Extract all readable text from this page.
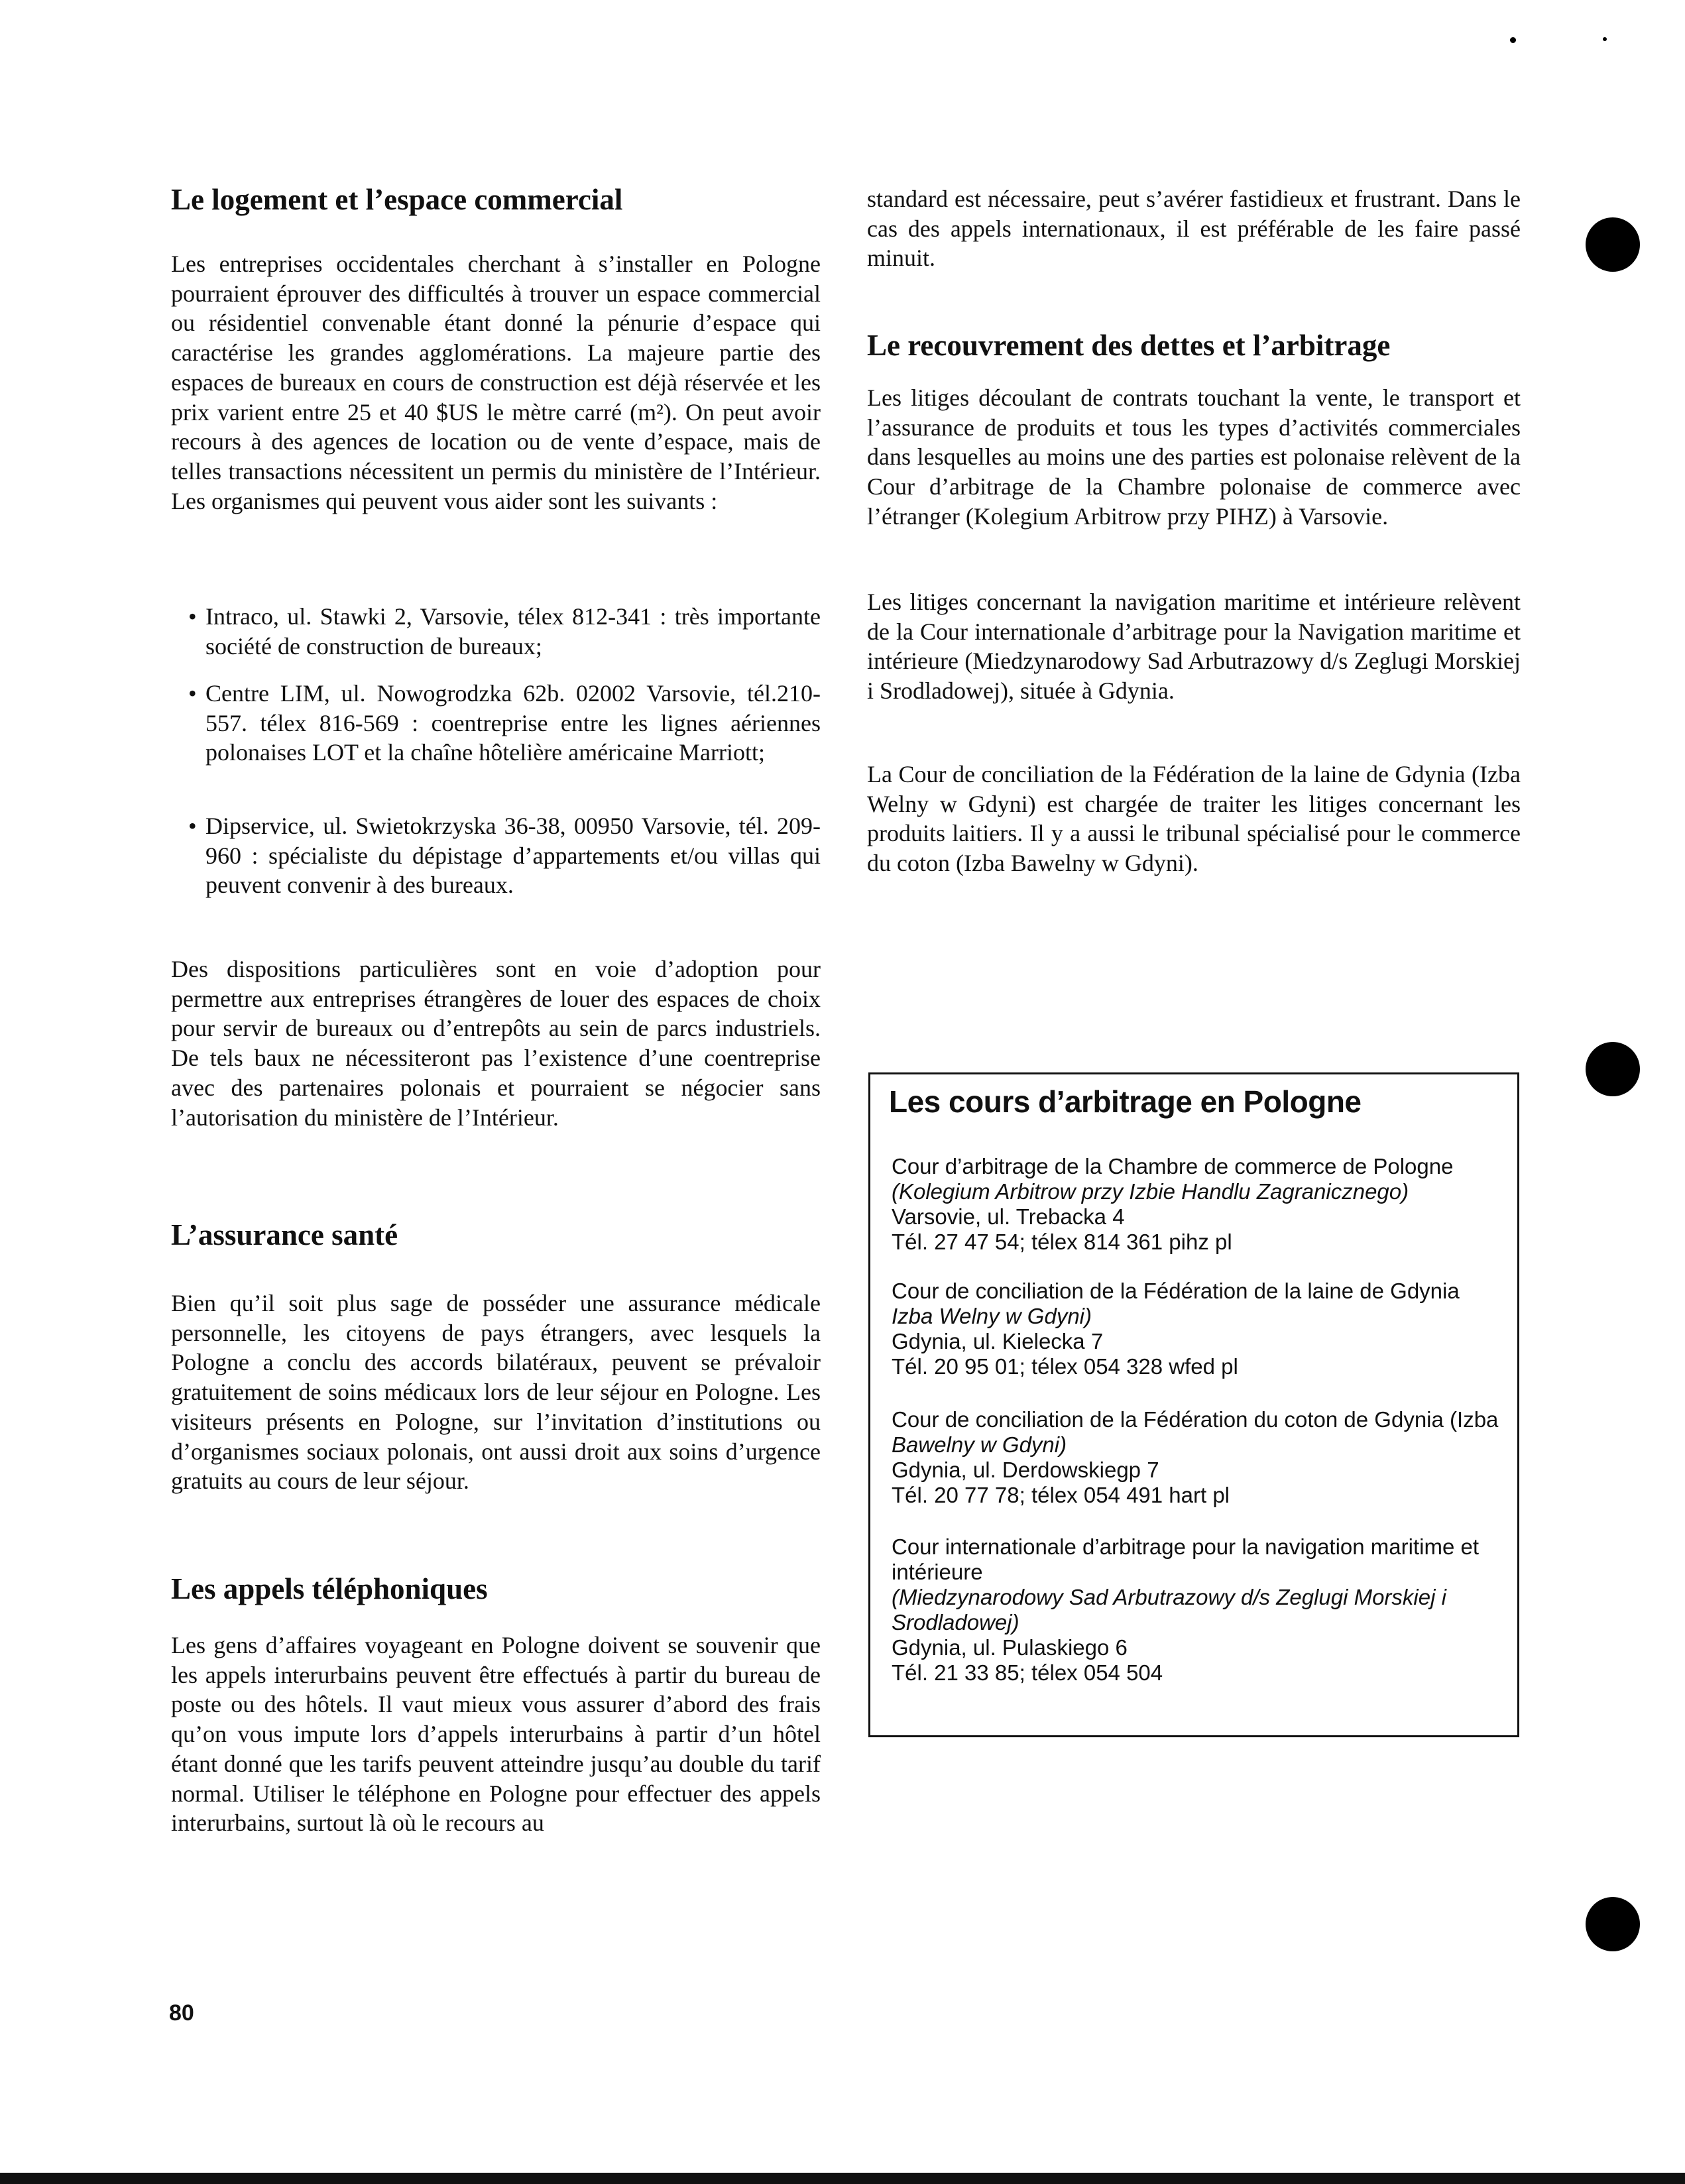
Le logement et l’espace commercial

Les entreprises occidentales cherchant à s’installer en Pologne pourraient éprouver des difficultés à trouver un espace commercial ou résidentiel convenable étant donné la pénurie d’espace qui caractérise les grandes agglomérations. La majeure partie des espaces de bureaux en cours de construction est déjà réservée et les prix varient entre 25 et 40 $US le mètre carré (m²). On peut avoir recours à des agences de location ou de vente d’espace, mais de telles transactions nécessitent un permis du ministère de l’Intérieur. Les organismes qui peuvent vous aider sont les suivants :

• Intraco, ul. Stawki 2, Varsovie, télex 812-341 : très importante société de construction de bureaux;
• Centre LIM, ul. Nowogrodzka 62b. 02002 Varsovie, tél.210-557. télex 816-569 : coentreprise entre les lignes aériennes polonaises LOT et la chaîne hôtelière américaine Marriott;
• Dipservice, ul. Swietokrzyska 36-38, 00950 Varsovie, tél. 209-960 : spécialiste du dépistage d’appartements et/ou villas qui peuvent convenir à des bureaux.

Des dispositions particulières sont en voie d’adoption pour permettre aux entreprises étrangères de louer des espaces de choix pour servir de bureaux ou d’entrepôts au sein de parcs industriels. De tels baux ne nécessiteront pas l’existence d’une coentreprise avec des partenaires polonais et pourraient se négocier sans l’autorisation du ministère de l’Intérieur.

L’assurance santé

Bien qu’il soit plus sage de posséder une assurance médicale personnelle, les citoyens de pays étrangers, avec lesquels la Pologne a conclu des accords bilatéraux, peuvent se prévaloir gratuitement de soins médicaux lors de leur séjour en Pologne. Les visiteurs présents en Pologne, sur l’invitation d’institutions ou d’organismes sociaux polonais, ont aussi droit aux soins d’urgence gratuits au cours de leur séjour.

Les appels téléphoniques

Les gens d’affaires voyageant en Pologne doivent se souvenir que les appels interurbains peuvent être effectués à partir du bureau de poste ou des hôtels. Il vaut mieux vous assurer d’abord des frais qu’on vous impute lors d’appels interurbains à partir d’un hôtel étant donné que les tarifs peuvent atteindre jusqu’au double du tarif normal. Utiliser le téléphone en Pologne pour effectuer des appels interurbains, surtout là où le recours au

standard est nécessaire, peut s’avérer fastidieux et frustrant. Dans le cas des appels internationaux, il est préférable de les faire passé minuit.

Le recouvrement des dettes et l’arbitrage

Les litiges découlant de contrats touchant la vente, le transport et l’assurance de produits et tous les types d’activités commerciales dans lesquelles au moins une des parties est polonaise relèvent de la Cour d’arbitrage de la Chambre polonaise de commerce avec l’étranger (Kolegium Arbitrow przy PIHZ) à Varsovie.

Les litiges concernant la navigation maritime et intérieure relèvent de la Cour internationale d’arbitrage pour la Navigation maritime et intérieure (Miedzynarodowy Sad Arbutrazowy d/s Zeglugi Morskiej i Srodladowej), située à Gdynia.

La Cour de conciliation de la Fédération de la laine de Gdynia (Izba Welny w Gdyni) est chargée de traiter les litiges concernant les produits laitiers. Il y a aussi le tribunal spécialisé pour le commerce du coton (Izba Bawelny w Gdyni).

Les cours d’arbitrage en Pologne
Cour d’arbitrage de la Chambre de commerce de Pologne
(Kolegium Arbitrow przy Izbie Handlu Zagranicznego)
Varsovie, ul. Trebacka 4
Tél. 27 47 54; télex 814 361 pihz pl
Cour de conciliation de la Fédération de la laine de Gdynia
Izba Welny w Gdyni)
Gdynia, ul. Kielecka 7
Tél. 20 95 01; télex 054 328 wfed pl
Cour de conciliation de la Fédération du coton de Gdynia (Izba
Bawelny w Gdyni)
Gdynia, ul. Derdowskiegp 7
Tél. 20 77 78; télex 054 491 hart pl
Cour internationale d’arbitrage pour la navigation maritime et intérieure
(Miedzynarodowy Sad Arbutrazowy d/s Zeglugi Morskiej i Srodladowej)
Gdynia, ul. Pulaskiego 6
Tél. 21 33 85; télex 054 504
80
